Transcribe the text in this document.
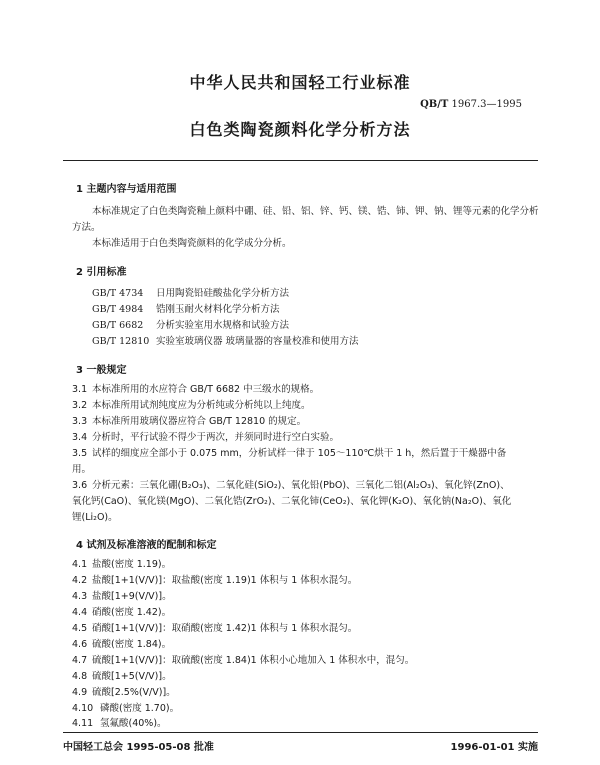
中华人民共和国轻工行业标准
QB/T 1967.3—1995
白色类陶瓷颜料化学分析方法
1 主题内容与适用范围
本标准规定了白色类陶瓷釉上颜料中硼、硅、铅、铝、锌、钙、镁、锆、铈、钾、钠、锂等元素的化学分析
方法。
本标准适用于白色类陶瓷颜料的化学成分分析。
2 引用标准
GB/T 4734 日用陶瓷铅硅酸盐化学分析方法
GB/T 4984 锆刚玉耐火材料化学分析方法
GB/T 6682 分析实验室用水规格和试验方法
GB/T 12810 实验室玻璃仪器 玻璃量器的容量校准和使用方法
3 一般规定
3.1 本标准所用的水应符合 GB/T 6682 中三级水的规格。
3.2 本标准所用试剂纯度应为分析纯或分析纯以上纯度。
3.3 本标准所用玻璃仪器应符合 GB/T 12810 的规定。
3.4 分析时，平行试验不得少于两次，并须同时进行空白实验。
3.5 试样的细度应全部小于 0.075 mm，分析试样一律于 105～110℃烘干 1 h，然后置于干燥器中备
用。
3.6 分析元素：三氧化硼(B₂O₃)、二氧化硅(SiO₂)、氧化铅(PbO)、三氧化二铝(Al₂O₃)、氧化锌(ZnO)、
氧化钙(CaO)、氧化镁(MgO)、二氧化锆(ZrO₂)、二氧化铈(CeO₂)、氧化钾(K₂O)、氧化钠(Na₂O)、氧化
锂(Li₂O)。
4 试剂及标准溶液的配制和标定
4.1 盐酸(密度 1.19)。
4.2 盐酸[1+1(V/V)]：取盐酸(密度 1.19)1 体积与 1 体积水混匀。
4.3 盐酸[1+9(V/V)]。
4.4 硝酸(密度 1.42)。
4.5 硝酸[1+1(V/V)]：取硝酸(密度 1.42)1 体积与 1 体积水混匀。
4.6 硫酸(密度 1.84)。
4.7 硫酸[1+1(V/V)]：取硫酸(密度 1.84)1 体积小心地加入 1 体积水中，混匀。
4.8 硫酸[1+5(V/V)]。
4.9 硫酸[2.5%(V/V)]。
4.10 磷酸(密度 1.70)。
4.11 氢氟酸(40%)。
中国轻工总会 1995-05-08 批准	1996-01-01 实施
